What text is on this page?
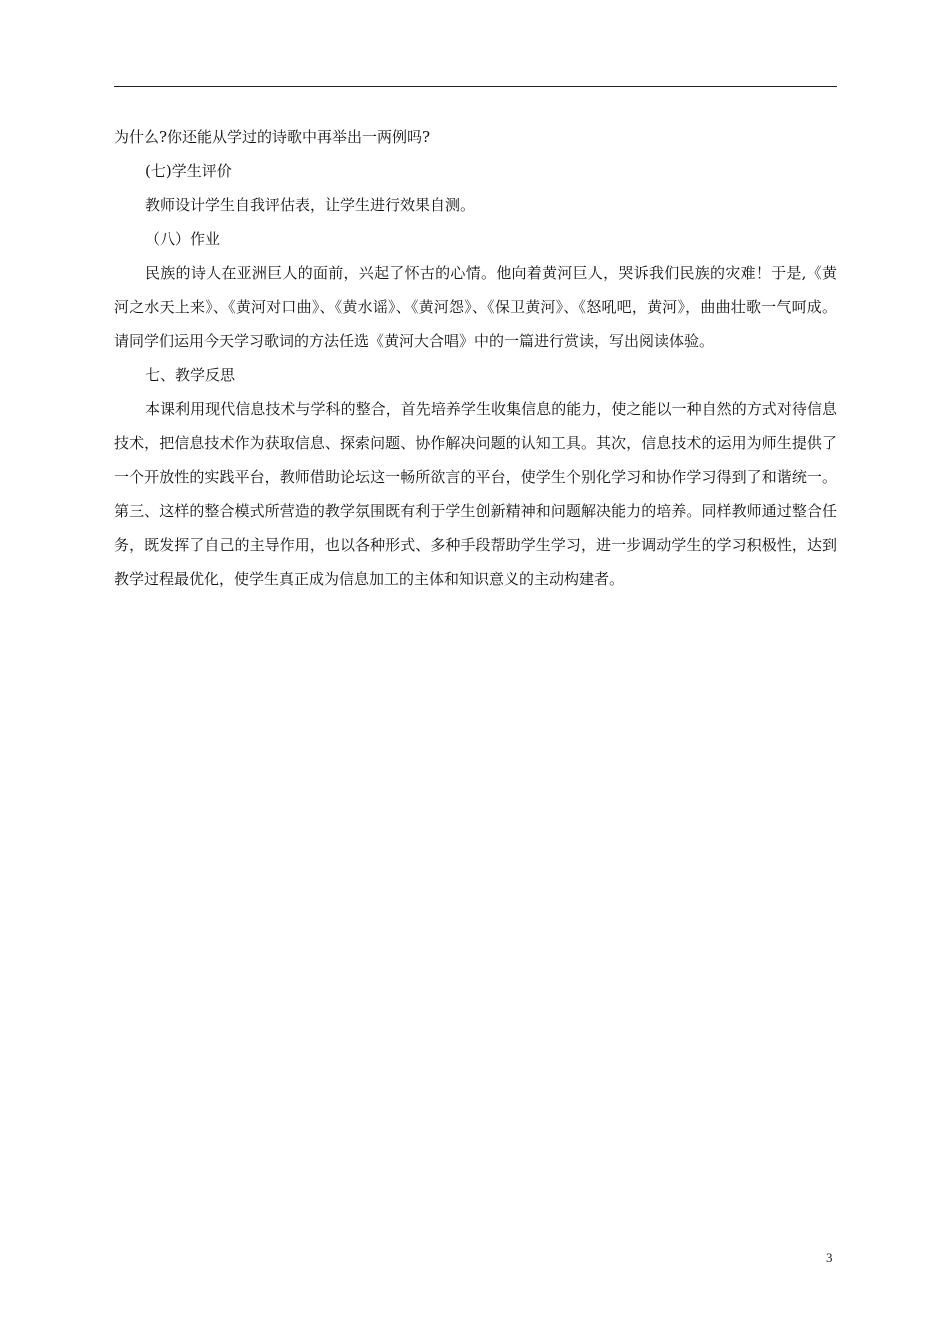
为什么?你还能从学过的诗歌中再举出一两例吗?

(七)学生评价

教师设计学生自我评估表，让学生进行效果自测。

（八）作业

民族的诗人在亚洲巨人的面前，兴起了怀古的心情。他向着黄河巨人，哭诉我们民族的灾难！于是,《黄河之水天上来》、《黄河对口曲》、《黄水谣》、《黄河怨》、《保卫黄河》、《怒吼吧，黄河》，曲曲壮歌一气呵成。请同学们运用今天学习歌词的方法任选《黄河大合唱》中的一篇进行赏读，写出阅读体验。

七、教学反思

本课利用现代信息技术与学科的整合，首先培养学生收集信息的能力，使之能以一种自然的方式对待信息技术，把信息技术作为获取信息、探索问题、协作解决问题的认知工具。其次，信息技术的运用为师生提供了一个开放性的实践平台，教师借助论坛这一畅所欲言的平台，使学生个别化学习和协作学习得到了和谐统一。第三、这样的整合模式所营造的教学氛围既有利于学生创新精神和问题解决能力的培养。同样教师通过整合任务，既发挥了自己的主导作用，也以各种形式、多种手段帮助学生学习，进一步调动学生的学习积极性，达到教学过程最优化，使学生真正成为信息加工的主体和知识意义的主动构建者。

3
